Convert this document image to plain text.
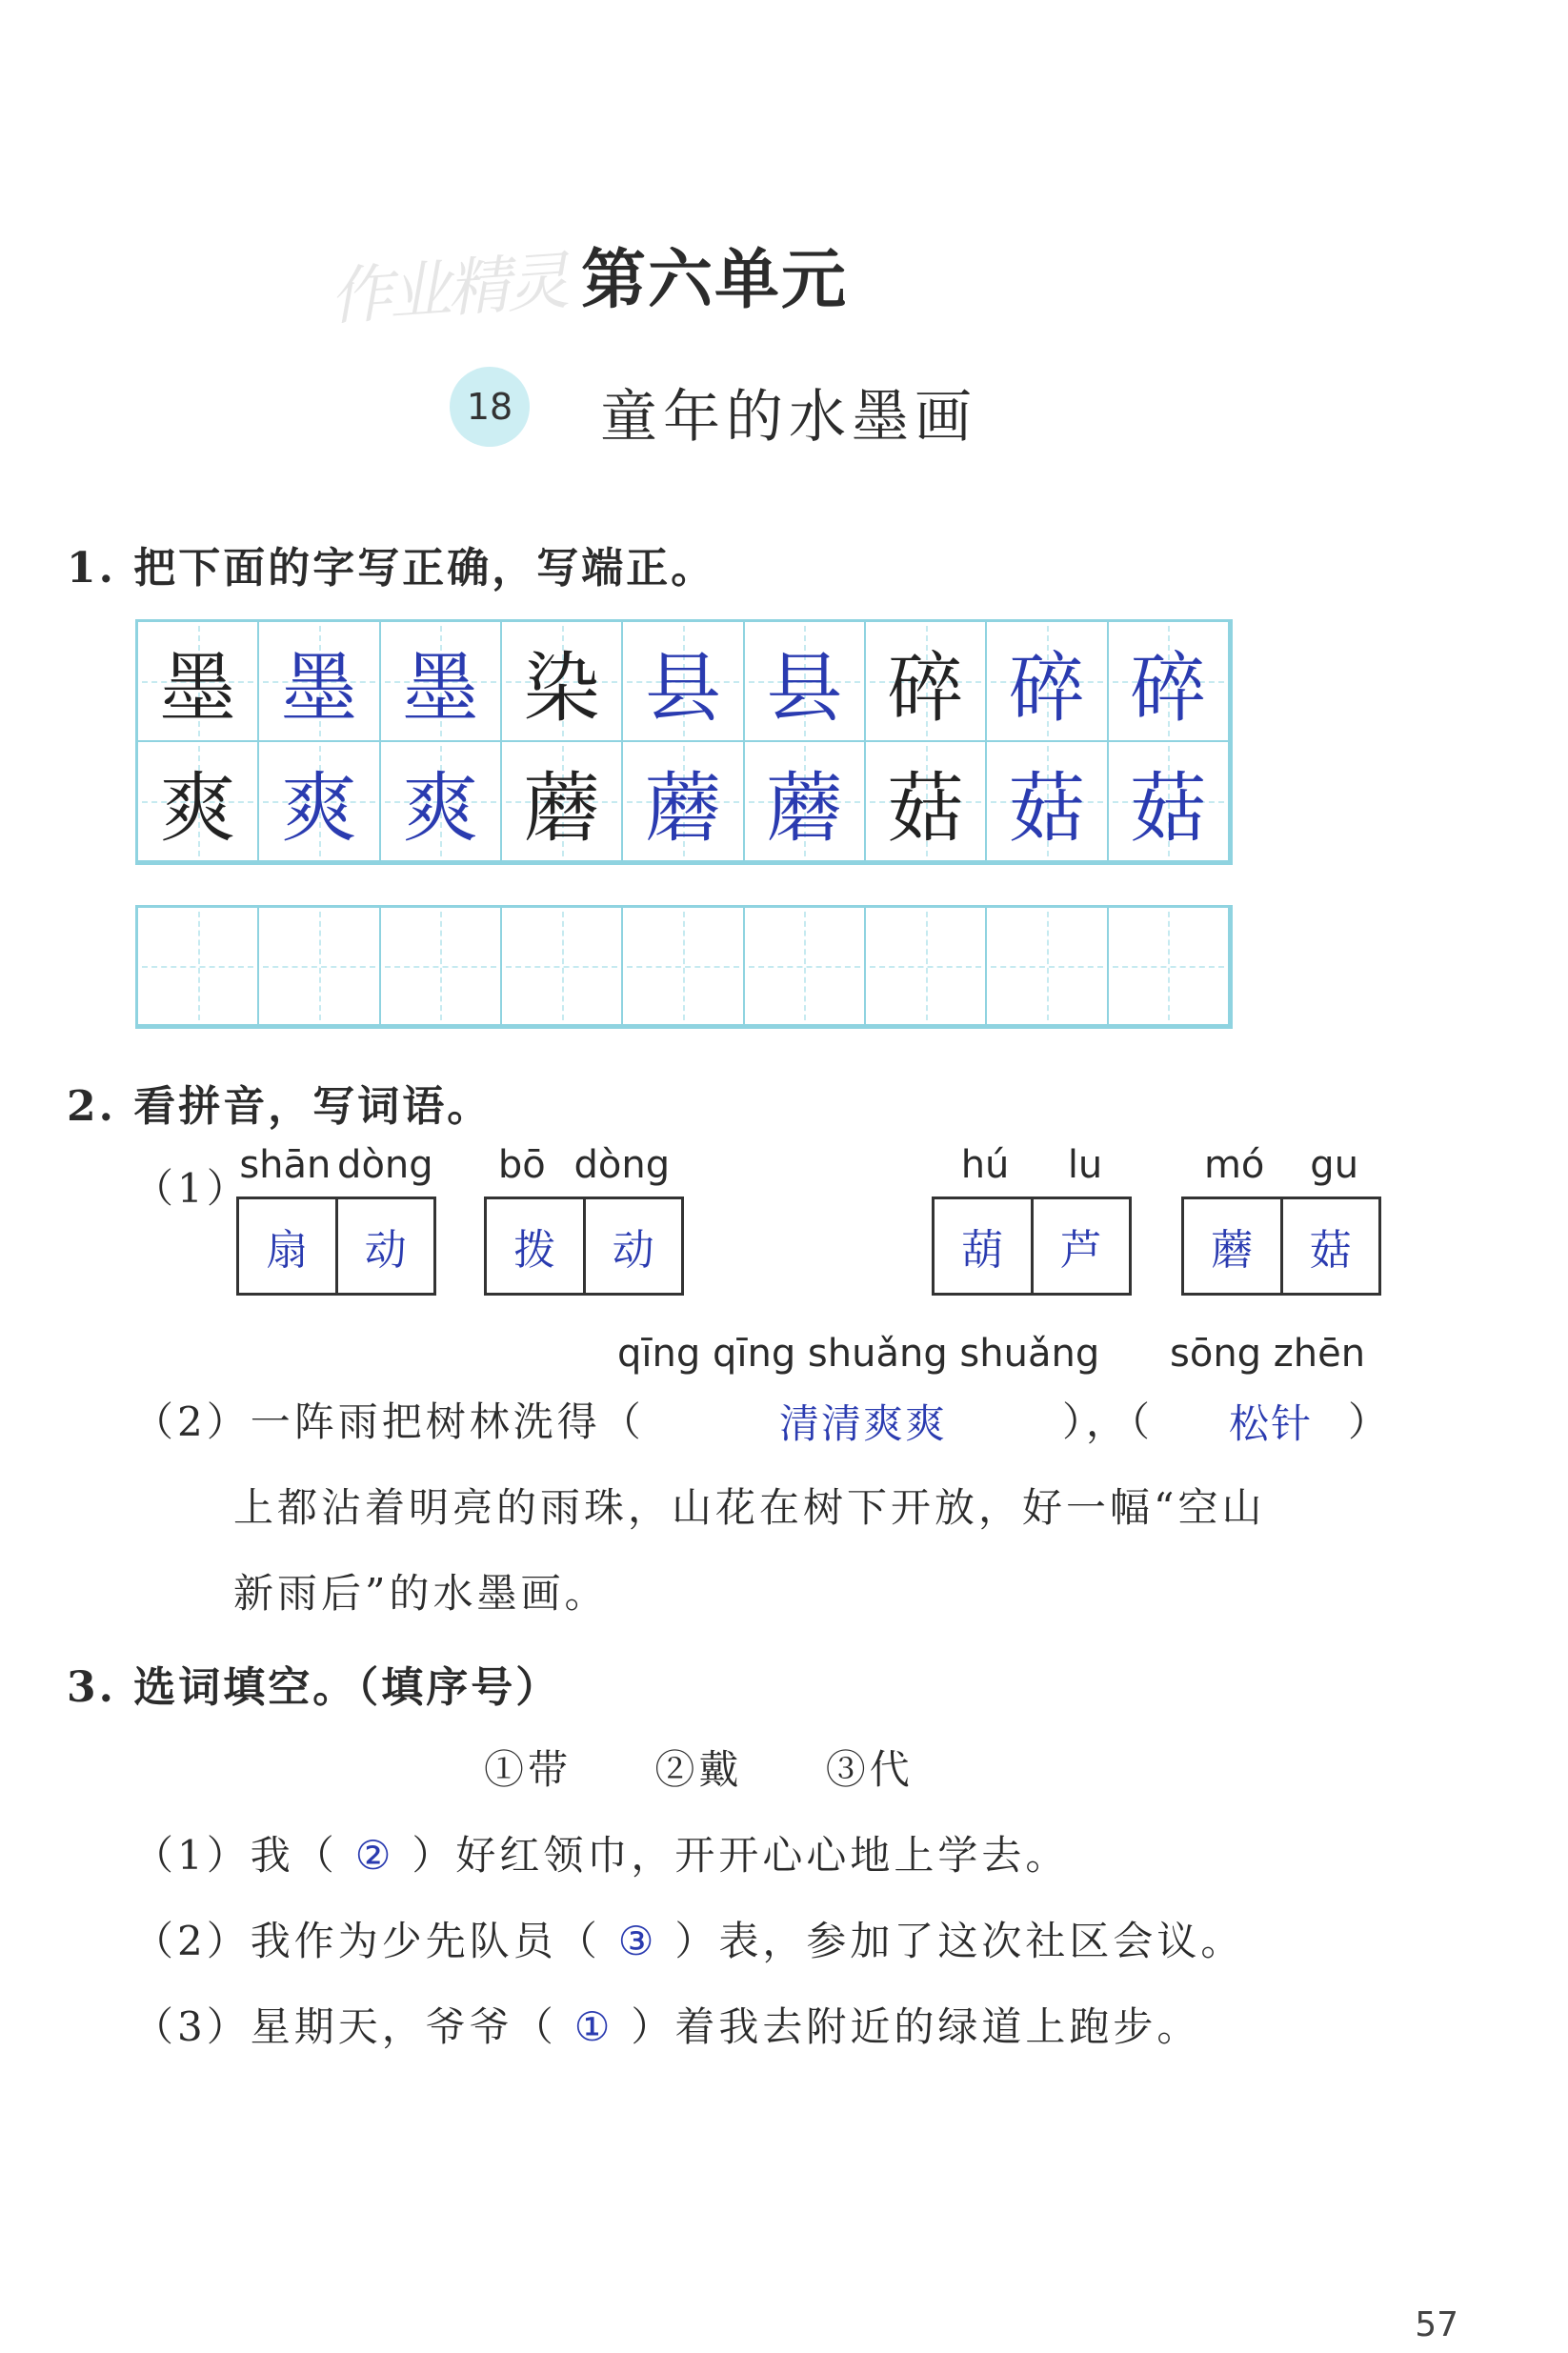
作业精灵 第六单元
18 童年的水墨画
1. 把下面的字写正确，写端正。
墨 墨 墨 染 县 县 碎 碎 碎
爽 爽 爽 蘑 蘑 蘑 菇 菇 菇
2. 看拼音，写词语。
（1）
shān dòng
扇	动
bō dòng
拨	动
hú lu
葫	芦
mó gu
蘑	菇
qīng qīng shuǎng shuǎng sōng zhēn
（2）一阵雨把树林洗得（	清清爽爽	），（ 松针 ）
上都沾着明亮的雨珠，山花在树下开放，好一幅“空山
新雨后”的水墨画。
3. 选词填空。（填序号）
①带 ②戴 ③代
（1）我（ ② ）好红领巾，开开心心地上学去。
（2）我作为少先队员（ ③ ）表，参加了这次社区会议。
（3）星期天，爷爷（ ① ）着我去附近的绿道上跑步。
57
